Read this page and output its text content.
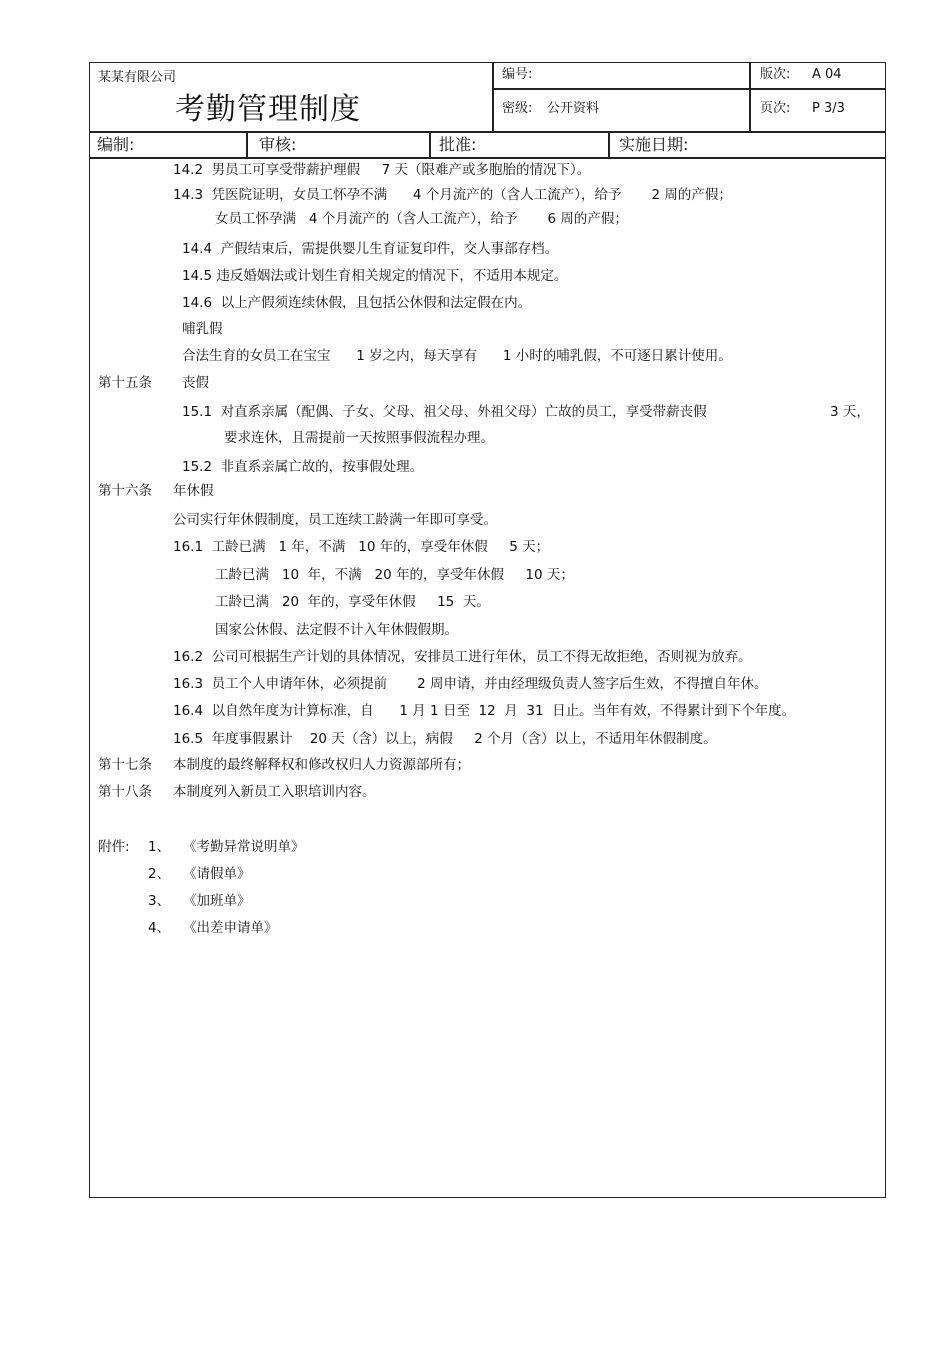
某某有限公司
考勤管理制度
编号:
密级: 公开资料
版次: A 04
页次: P 3/3
编制:	审核:	批准:	实施日期:
14.2  男员工可享受带薪护理假     7 天（限难产或多胞胎的情况下）。
14.3  凭医院证明，女员工怀孕不满      4 个月流产的（含人工流产），给予       2 周的产假；
女员工怀孕满   4 个月流产的（含人工流产），给予       6 周的产假；
14.4  产假结束后，需提供婴儿生育证复印件，交人事部存档。
14.5 违反婚姻法或计划生育相关规定的情况下，不适用本规定。
14.6  以上产假须连续休假，且包括公休假和法定假在内。
哺乳假
合法生育的女员工在宝宝      1 岁之内，每天享有      1 小时的哺乳假，不可逐日累计使用。
第十五条 丧假
15.1  对直系亲属（配偶、子女、父母、祖父母、外祖父母）亡故的员工，享受带薪丧假	3 天，
要求连休，且需提前一天按照事假流程办理。
15.2  非直系亲属亡故的，按事假处理。
第十六条 年休假
公司实行年休假制度，员工连续工龄满一年即可享受。
16.1  工龄已满   1 年，不满   10 年的，享受年休假     5 天；
工龄已满   10  年，不满   20 年的，享受年休假     10 天；
工龄已满   20  年的，享受年休假     15  天。
国家公休假、法定假不计入年休假假期。
16.2  公司可根据生产计划的具体情况，安排员工进行年休，员工不得无故拒绝，否则视为放弃。
16.3  员工个人申请年休，必须提前       2 周申请，并由经理级负责人签字后生效，不得擅自年休。
16.4  以自然年度为计算标准，自      1 月 1 日至  12  月  31  日止。当年有效，不得累计到下个年度。
16.5  年度事假累计    20 天（含）以上，病假     2 个月（含）以上，不适用年休假制度。
第十七条 本制度的最终解释权和修改权归人力资源部所有；
第十八条 本制度列入新员工入职培训内容。
附件: 1、 《考勤异常说明单》
2、 《请假单》
3、 《加班单》
4、 《出差申请单》
